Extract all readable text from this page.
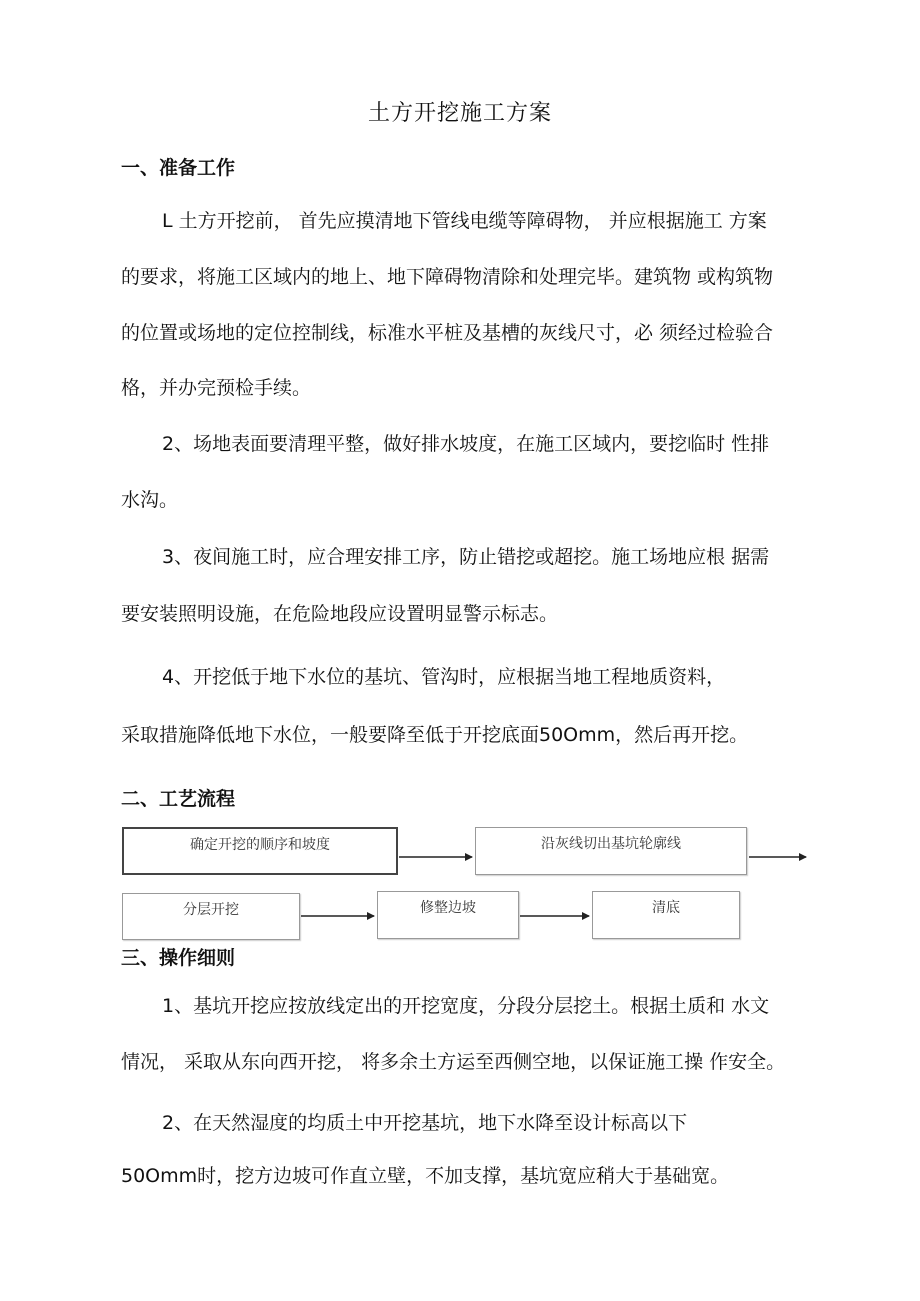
土方开挖施工方案
一、准备工作
L 土方开挖前， 首先应摸清地下管线电缆等障碍物， 并应根据施工 方案
的要求，将施工区域内的地上、地下障碍物清除和处理完毕。建筑物 或构筑物
的位置或场地的定位控制线，标准水平桩及基槽的灰线尺寸，必 须经过检验合
格，并办完预检手续。
2、场地表面要清理平整，做好排水坡度，在施工区域内，要挖临时 性排
水沟。
3、夜间施工时，应合理安排工序，防止错挖或超挖。施工场地应根 据需
要安装照明设施，在危险地段应设置明显警示标志。
4、开挖低于地下水位的基坑、管沟时，应根据当地工程地质资料，
采取措施降低地下水位，一般要降至低于开挖底面50Omm，然后再开挖。
二、工艺流程
确定开挖的顺序和坡度	沿灰线切出基坑轮廓线
分层开挖	修整边坡	清底
三、操作细则
1、基坑开挖应按放线定出的开挖宽度，分段分层挖土。根据土质和 水文
情况， 采取从东向西开挖， 将多余土方运至西侧空地，以保证施工操 作安全。
2、在天然湿度的均质土中开挖基坑，地下水降至设计标高以下
50Omm时，挖方边坡可作直立壁，不加支撑，基坑宽应稍大于基础宽。
